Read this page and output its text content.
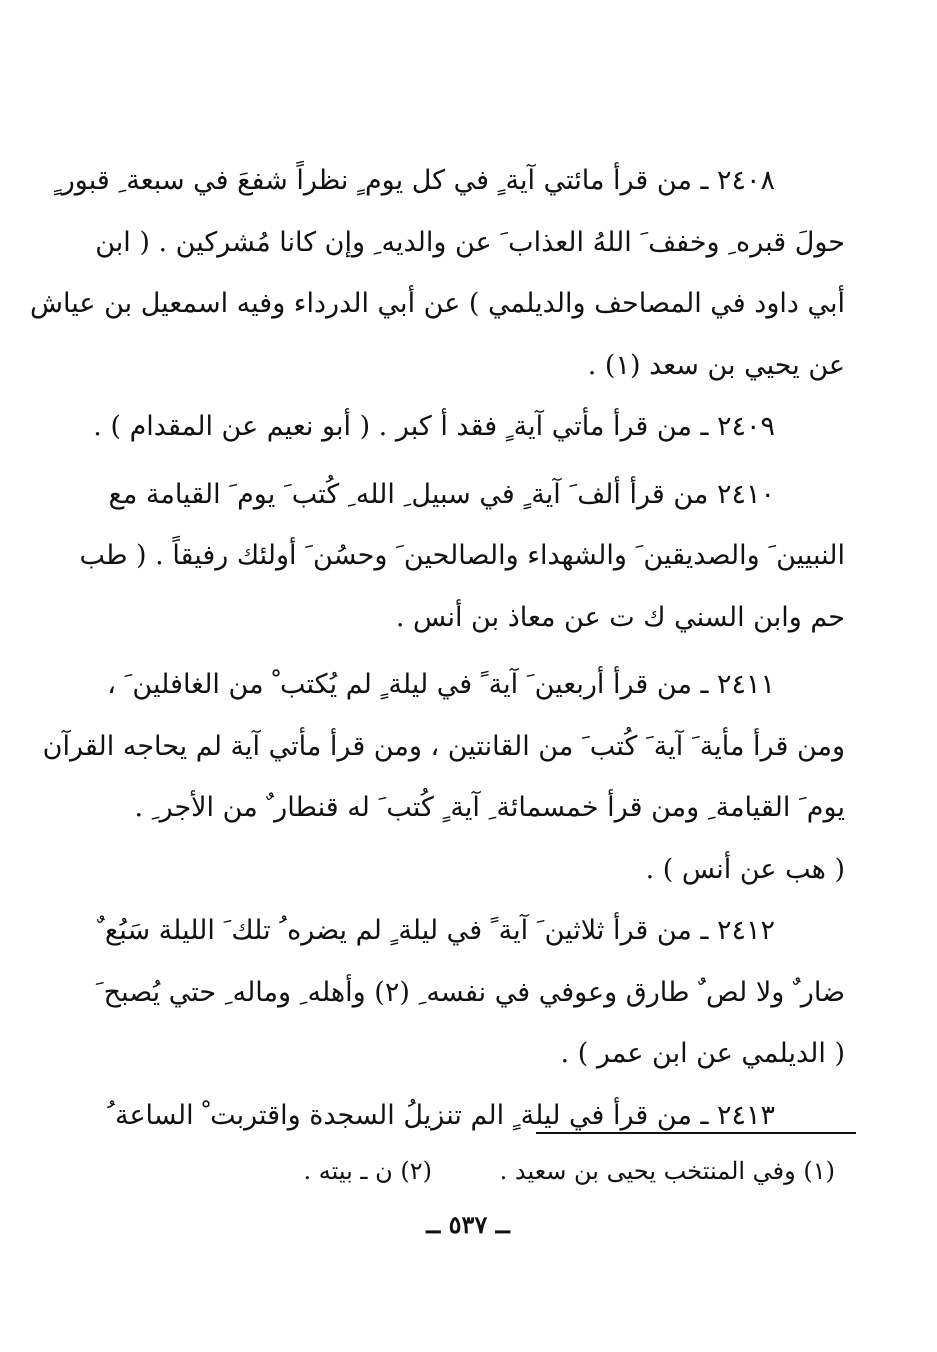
٢٤٠٨ ـ من قرأ مائتي آية ٍ في كل يوم ٍ نظراً شفعَ في سبعة ِ قبور ٍ
حولَ قبره ِ وخفف َ اللهُ العذاب َ عن والديه ِ وإن كانا مُشركين . ( ابن
أبي داود في المصاحف والديلمي ) عن أبي الدرداء وفيه اسمعيل بن عياش
عن يحيي بن سعد (١) .
٢٤٠٩ ـ من قرأ مأتي آية ٍ فقد أ كبر . ( أبو نعيم عن المقدام ) .
٢٤١٠ من قرأ ألف َ آية ٍ في سبيل ِ الله ِ كُتب َ يوم َ القيامة مع
النبيين َ والصديقين َ والشهداء والصالحين َ وحسُن َ أولئك رفيقاً . ( طب
حم وابن السني ك ت عن معاذ بن أنس .
٢٤١١ ـ من قرأ أربعين َ آية ً في ليلة ٍ لم يُكتب ْ من الغافلين َ ،
ومن قرأ مأية َ آية َ كُتب َ من القانتين ، ومن قرأ مأتي آية لم يحاجه القرآن
يوم َ القيامة ِ ومن قرأ خمسمائة ِ آية ٍ كُتب َ له قنطار ٌ من الأجر ِ .
( هب عن أنس ) .
٢٤١٢ ـ من قرأ ثلاثين َ آية ً في ليلة ٍ لم يضره ُ تلك َ الليلة سَبُع ٌ
ضار ٌ ولا لص ٌ طارق وعوفي في نفسه ِ (٢) وأهله ِ وماله ِ حتي يُصبح َ
( الديلمي عن ابن عمر ) .
٢٤١٣ ـ من قرأ في ليلة ٍ الم تنزيلُ السجدة واقتربت ْ الساعة ُ
(١) وفي المنتخب يحيى بن سعيد . (٢) ن ـ بيته .
ــ ٥٣٧ ــ
